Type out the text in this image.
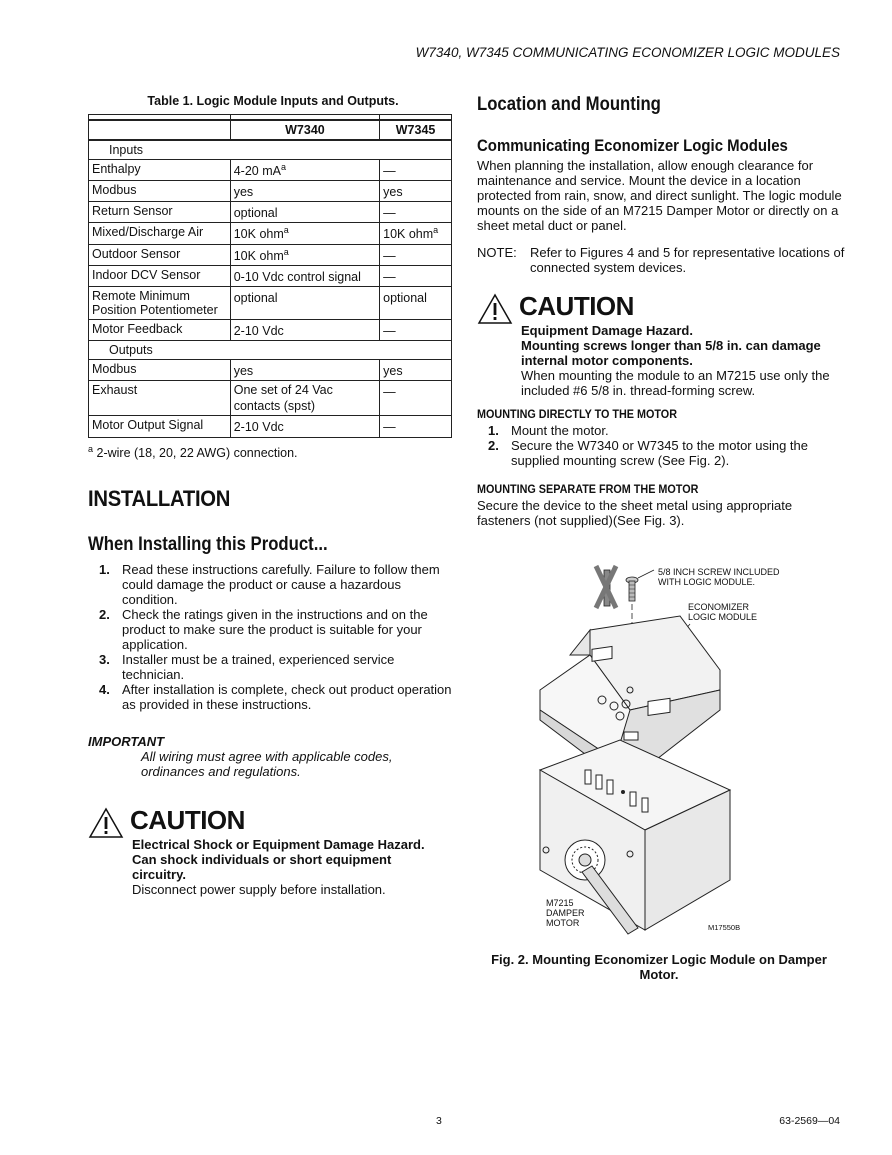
W7340, W7345 COMMUNICATING ECONOMIZER LOGIC MODULES
Table 1. Logic Module Inputs and Outputs.

	W7340	W7345
Inputs		
Enthalpy	4-20 $mA^a$	—
Modbus	yes	yes
Return Sensor	optional	—
Mixed/Discharge Air	10K ohm$^a$	10K ohm$^a$
Outdoor Sensor	10K ohm$^a$	—
Indoor DCV Sensor	0-10 Vdc control signal	—
Remote Minimum Position Potentiometer	optional	optional
Motor Feedback	2-10 Vdc	—
Outputs		
Modbus	yes	yes
Exhaust	One set of 24 Vac contacts (spst)	—
Motor Output Signal	2-10 Vdc	—
$^a$ 2-wire (18, 20, 22 AWG) connection.
INSTALLATION
When Installing this Product...
1. Read these instructions carefully. Failure to follow them could damage the product or cause a hazardous condition.
2. Check the ratings given in the instructions and on the product to make sure the product is suitable for your application.
3. Installer must be a trained, experienced service technician.
4. After installation is complete, check out product operation as provided in these instructions.
IMPORTANT
All wiring must agree with applicable codes, ordinances and regulations.
CAUTION
Electrical Shock or Equipment Damage Hazard.
Can shock individuals or short equipment circuitry.
Disconnect power supply before installation.
Location and Mounting
Communicating Economizer Logic Modules

When planning the installation, allow enough clearance for maintenance and service. Mount the device in a location protected from rain, snow, and direct sunlight. The logic module mounts on the side of an M7215 Damper Motor or directly on a sheet metal duct or panel.

NOTE:	Refer to Figures 4 and 5 for representative locations of connected system devices.
CAUTION
Equipment Damage Hazard.
Mounting screws longer than 5/8 in. can damage internal motor components.
When mounting the module to an M7215 use only the included #6 5/8 in. thread-forming screw.
MOUNTING DIRECTLY TO THE MOTOR
1. Mount the motor.
2. Secure the W7340 or W7345 to the motor using the supplied mounting screw (See Fig. 2).
MOUNTING SEPARATE FROM THE MOTOR

Secure the device to the sheet metal using appropriate fasteners (not supplied)(See Fig. 3).

5/8 INCH SCREW INCLUDED
WITH LOGIC MODULE.
ECONOMIZER
LOGIC MODULE
M7215
DAMPER
MOTOR	M17550B
Fig. 2. Mounting Economizer Logic Module on Damper Motor.
3	63-2569—04
